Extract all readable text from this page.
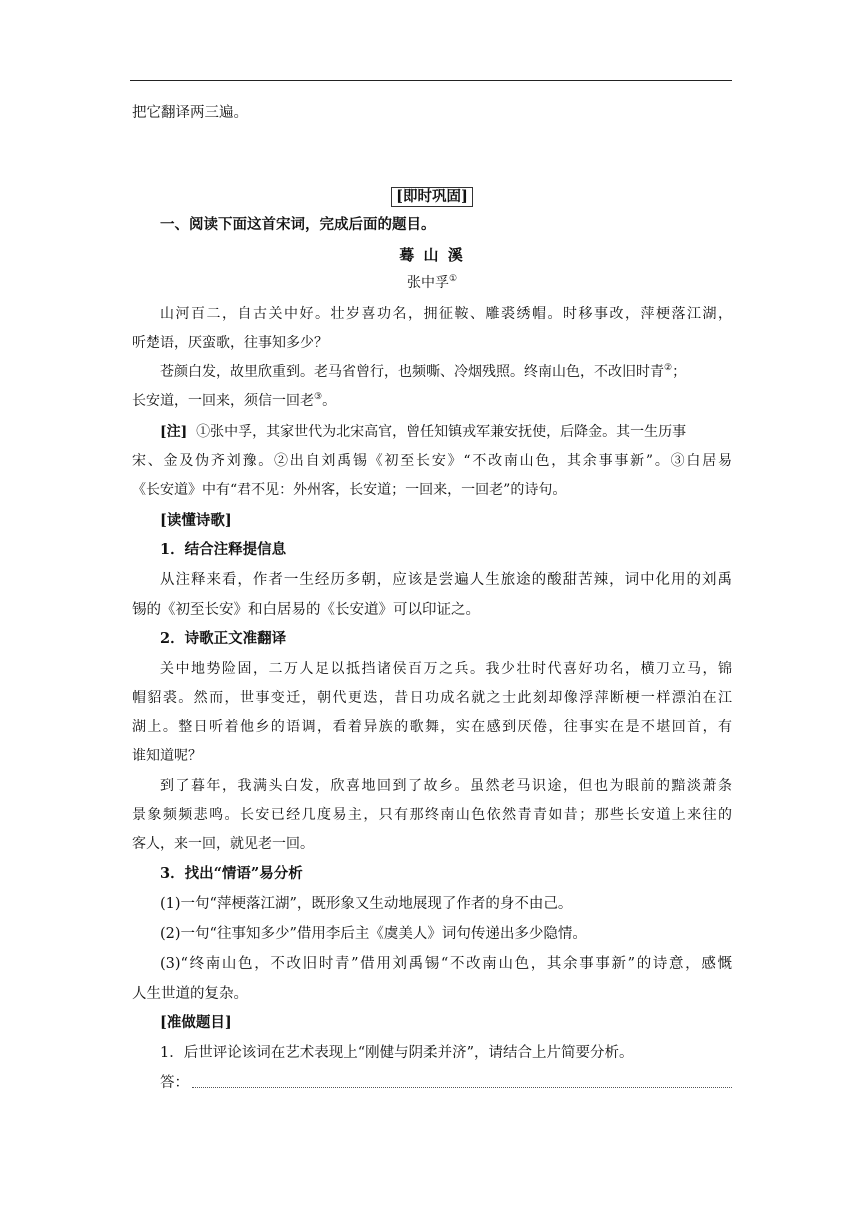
把它翻译两三遍。
[即时巩固]
一、阅读下面这首宋词，完成后面的题目。
蓦 山 溪
张中孚①
山河百二，自古关中好。壮岁喜功名，拥征鞍、雕裘绣帽。时移事改，萍梗落江湖，
听楚语，厌蛮歌，往事知多少？
苍颜白发，故里欣重到。老马省曾行，也频嘶、冷烟残照。终南山色，不改旧时青②；
长安道，一回来，须信一回老③。
[注] ①张中孚，其家世代为北宋高官，曾任知镇戎军兼安抚使，后降金。其一生历事
宋、金及伪齐刘豫。②出自刘禹锡《初至长安》“不改南山色，其余事事新”。③白居易
《长安道》中有“君不见：外州客，长安道；一回来，一回老”的诗句。
[读懂诗歌]
1．结合注释提信息
从注释来看，作者一生经历多朝，应该是尝遍人生旅途的酸甜苦辣，词中化用的刘禹
锡的《初至长安》和白居易的《长安道》可以印证之。
2．诗歌正文准翻译
关中地势险固，二万人足以抵挡诸侯百万之兵。我少壮时代喜好功名，横刀立马，锦
帽貂裘。然而，世事变迁，朝代更迭，昔日功成名就之士此刻却像浮萍断梗一样漂泊在江
湖上。整日听着他乡的语调，看着异族的歌舞，实在感到厌倦，往事实在是不堪回首，有
谁知道呢？
到了暮年，我满头白发，欣喜地回到了故乡。虽然老马识途，但也为眼前的黯淡萧条
景象频频悲鸣。长安已经几度易主，只有那终南山色依然青青如昔；那些长安道上来往的
客人，来一回，就见老一回。
3．找出“情语”易分析
(1)一句“萍梗落江湖”，既形象又生动地展现了作者的身不由己。
(2)一句“往事知多少”借用李后主《虞美人》词句传递出多少隐情。
(3)“终南山色，不改旧时青”借用刘禹锡“不改南山色，其余事事新”的诗意，感慨
人生世道的复杂。
[准做题目]
1．后世评论该词在艺术表现上“刚健与阴柔并济”，请结合上片简要分析。
答：
